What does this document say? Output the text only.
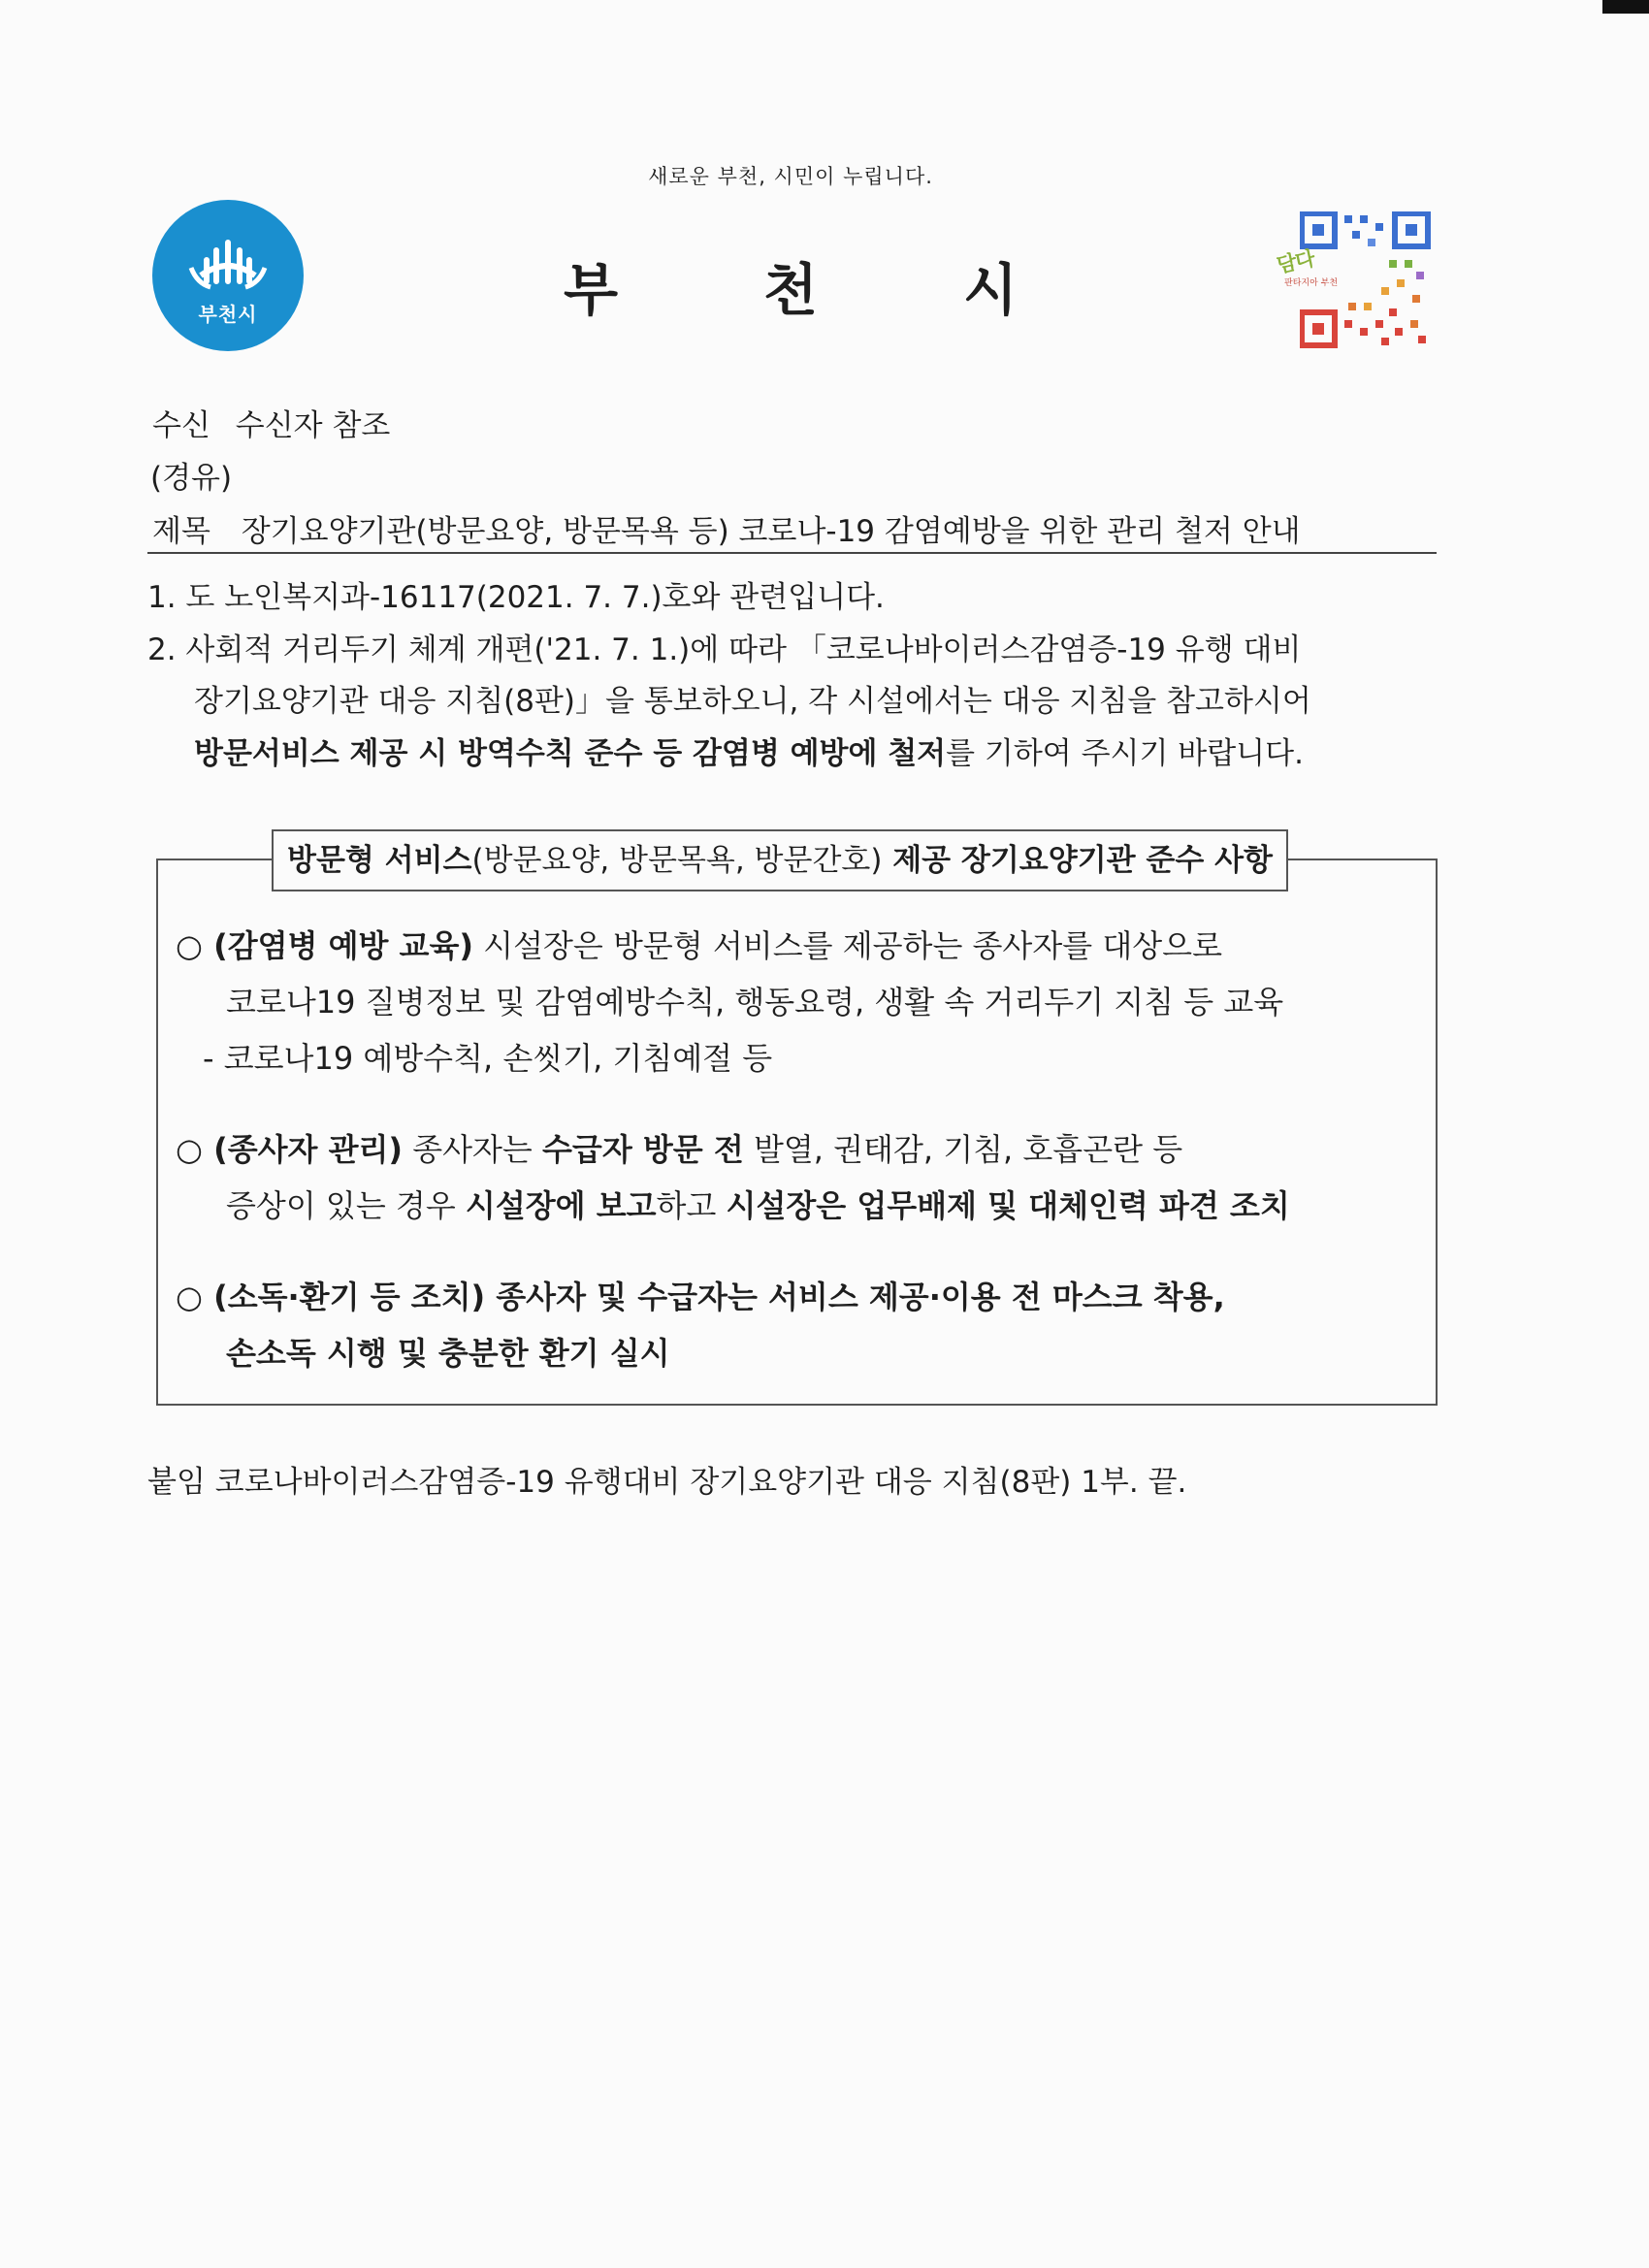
새로운 부천, 시민이 누립니다.
부천시	부천시	담다
판타지아 부천
수신 수신자 참조
(경유)
제목 장기요양기관(방문요양, 방문목욕 등) 코로나-19 감염예방을 위한 관리 철저 안내
1. 도 노인복지과-16117(2021. 7. 7.)호와 관련입니다.
2. 사회적 거리두기 체계 개편('21. 7. 1.)에 따라 「코로나바이러스감염증-19 유행 대비
장기요양기관 대응 지침(8판)」을 통보하오니, 각 시설에서는 대응 지침을 참고하시어
방문서비스 제공 시 방역수칙 준수 등 감염병 예방에 철저를 기하여 주시기 바랍니다.
방문형 서비스(방문요양, 방문목욕, 방문간호) 제공 장기요양기관 준수 사항
○ (감염병 예방 교육) 시설장은 방문형 서비스를 제공하는 종사자를 대상으로
코로나19 질병정보 및 감염예방수칙, 행동요령, 생활 속 거리두기 지침 등 교육
- 코로나19 예방수칙, 손씻기, 기침예절 등
○ (종사자 관리) 종사자는 수급자 방문 전 발열, 권태감, 기침, 호흡곤란 등
증상이 있는 경우 시설장에 보고하고 시설장은 업무배제 및 대체인력 파견 조치
○ (소독·환기 등 조치) 종사자 및 수급자는 서비스 제공·이용 전 마스크 착용,
손소독 시행 및 충분한 환기 실시
붙임 코로나바이러스감염증-19 유행대비 장기요양기관 대응 지침(8판) 1부. 끝.
